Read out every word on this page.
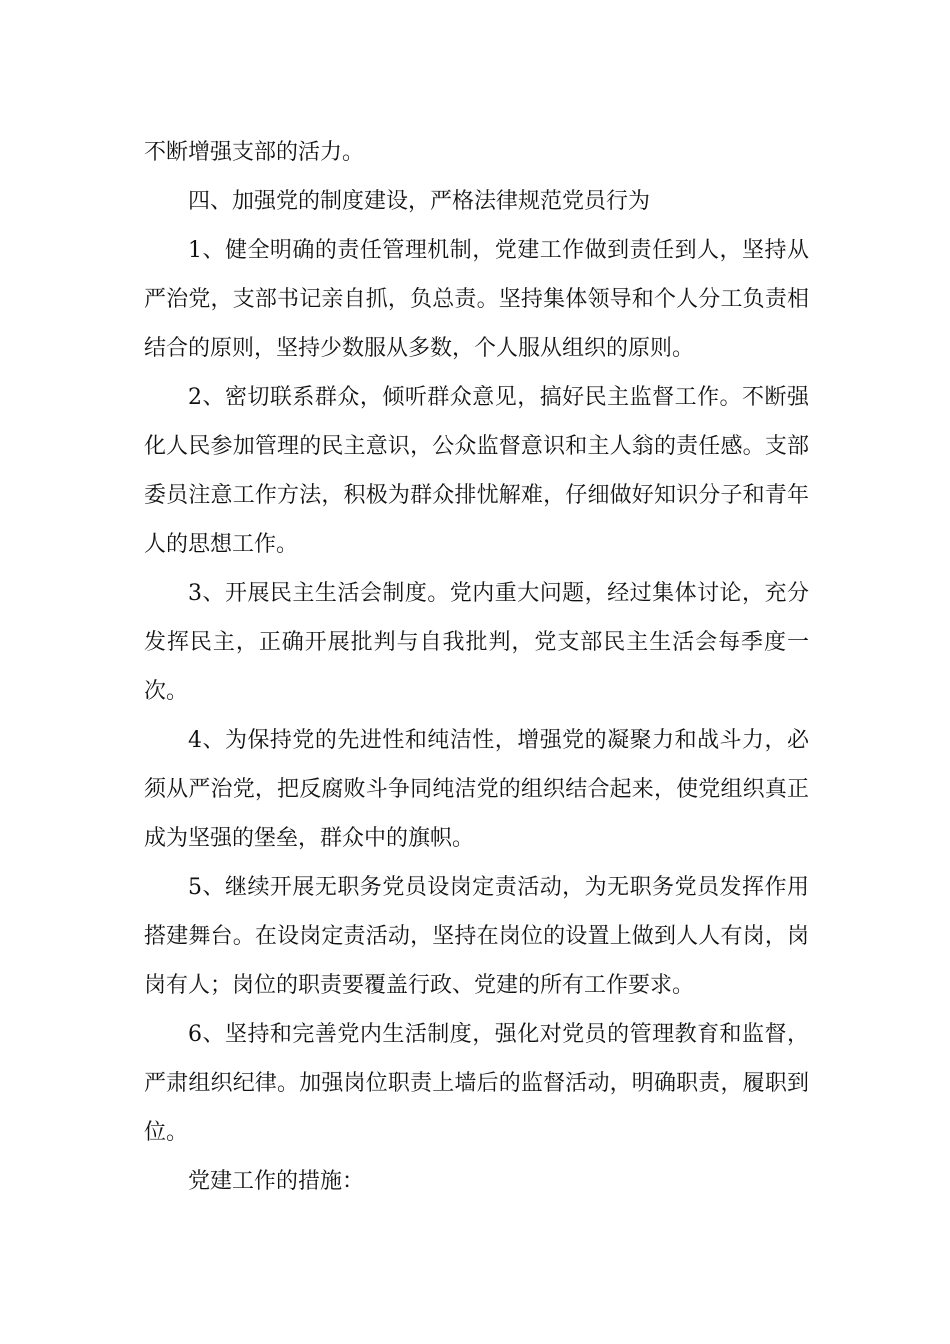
不断增强支部的活力。

四、加强党的制度建设，严格法律规范党员行为

1、健全明确的责任管理机制，党建工作做到责任到人，坚持从严治党，支部书记亲自抓，负总责。坚持集体领导和个人分工负责相结合的原则，坚持少数服从多数，个人服从组织的原则。

2、密切联系群众，倾听群众意见，搞好民主监督工作。不断强化人民参加管理的民主意识，公众监督意识和主人翁的责任感。支部委员注意工作方法，积极为群众排忧解难，仔细做好知识分子和青年人的思想工作。

3、开展民主生活会制度。党内重大问题，经过集体讨论，充分发挥民主，正确开展批判与自我批判，党支部民主生活会每季度一次。

4、为保持党的先进性和纯洁性，增强党的凝聚力和战斗力，必须从严治党，把反腐败斗争同纯洁党的组织结合起来，使党组织真正成为坚强的堡垒，群众中的旗帜。

5、继续开展无职务党员设岗定责活动，为无职务党员发挥作用搭建舞台。在设岗定责活动，坚持在岗位的设置上做到人人有岗，岗岗有人；岗位的职责要覆盖行政、党建的所有工作要求。

6、坚持和完善党内生活制度，强化对党员的管理教育和监督，严肃组织纪律。加强岗位职责上墙后的监督活动，明确职责，履职到位。

党建工作的措施：
